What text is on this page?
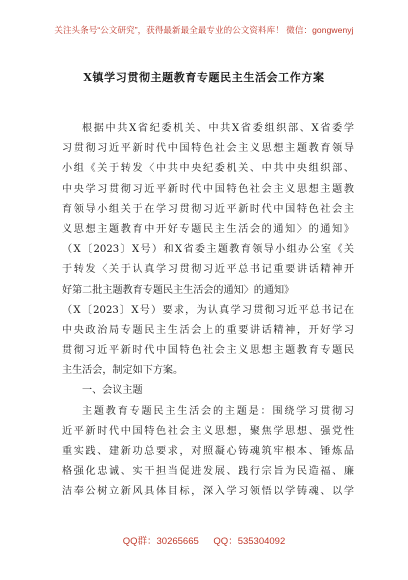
关注头条号“公文研究”，获得最新最全最专业的公文资料库！ 微信：gongwenyj
X镇学习贯彻主题教育专题民主生活会工作方案
根据中共X省纪委机关、中共X省委组织部、X省委学
习贯彻习近平新时代中国特色社会主义思想主题教育领导
小组《关于转发〈中共中央纪委机关、中共中央组织部、
中央学习贯彻习近平新时代中国特色社会主义思想主题教
育领导小组关于在学习贯彻习近平新时代中国特色社会主
义思想主题教育中开好专题民主生活会的通知〉的通知》
（X〔2023〕X号）和X省委主题教育领导小组办公室《关
于转发〈关于认真学习贯彻习近平总书记重要讲话精神开
好第二批主题教育专题民主生活会的通知〉的通知》
（X〔2023〕X号）要求，为认真学习贯彻习近平总书记在
中央政治局专题民主生活会上的重要讲话精神，开好学习
贯彻习近平新时代中国特色社会主义思想主题教育专题民
主生活会，制定如下方案。
一、会议主题
主题教育专题民主生活会的主题是：围绕学习贯彻习
近平新时代中国特色社会主义思想，聚焦学思想、强党性
重实践、建新功总要求，对照凝心铸魂筑牢根本、锤炼品
格强化忠诚、实干担当促进发展、践行宗旨为民造福、廉
洁奉公树立新风具体目标，深入学习领悟以学铸魂、以学
QQ群：30265665 QQ：535304092
